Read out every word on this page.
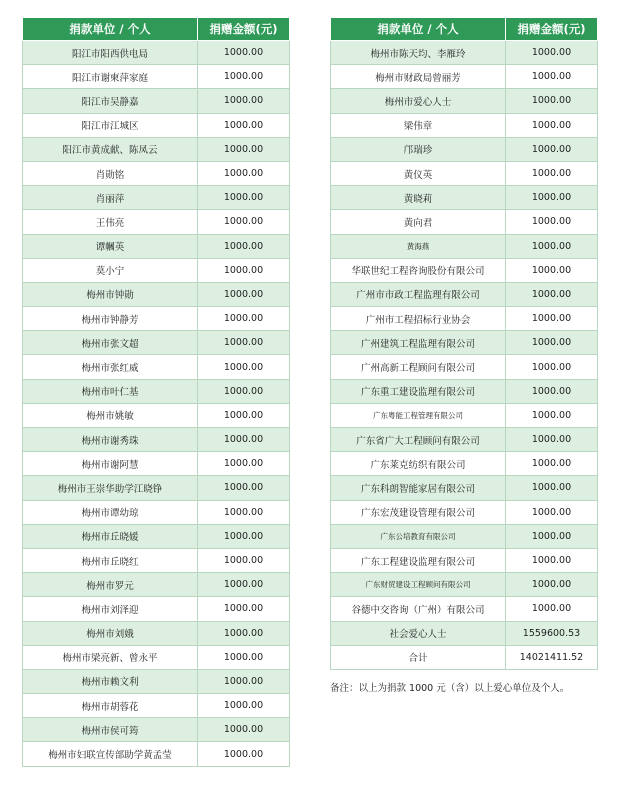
捐款单位 / 个人	捐赠金额(元)
阳江市阳西供电局	1000.00
阳江市谢柬萍家庭	1000.00
阳江市吴静嘉	1000.00
阳江市江城区	1000.00
阳江市黄成献、陈凤云	1000.00
肖勋铭	1000.00
肖丽萍	1000.00
王伟亮	1000.00
谭幗英	1000.00
莫小宁	1000.00
梅州市钟勋	1000.00
梅州市钟静芳	1000.00
梅州市张文超	1000.00
梅州市张红威	1000.00
梅州市叶仁基	1000.00
梅州市姚敏	1000.00
梅州市谢秀珠	1000.00
梅州市谢阿慧	1000.00
梅州市王崇华助学江晓铮	1000.00
梅州市谭幼琼	1000.00
梅州市丘晓媛	1000.00
梅州市丘晓红	1000.00
梅州市罗元	1000.00
梅州市刘泽迎	1000.00
梅州市刘娥	1000.00
梅州市梁亮新、曾永平	1000.00
梅州市赖文利	1000.00
梅州市胡蓉花	1000.00
梅州市侯可筠	1000.00
梅州市妇联宣传部助学黄孟莹	1000.00
捐款单位 / 个人	捐赠金额(元)
梅州市陈天均、李雁玲	1000.00
梅州市财政局曾丽芳	1000.00
梅州市爱心人士	1000.00
梁伟章	1000.00
邝瑞珍	1000.00
黄仪英	1000.00
黄晓莉	1000.00
黄向君	1000.00
黄海燕	1000.00
华联世纪工程咨询股份有限公司	1000.00
广州市市政工程监理有限公司	1000.00
广州市工程招标行业协会	1000.00
广州建筑工程监理有限公司	1000.00
广州高新工程顾问有限公司	1000.00
广东重工建设监理有限公司	1000.00
广东粤能工程管理有限公司	1000.00
广东省广大工程顾问有限公司	1000.00
广东莱克纺织有限公司	1000.00
广东科朗智能家居有限公司	1000.00
广东宏茂建设管理有限公司	1000.00
广东公培教育有限公司	1000.00
广东工程建设监理有限公司	1000.00
广东财贸建设工程顾问有限公司	1000.00
谷德中交咨询（广州）有限公司	1000.00
社会爱心人士	1559600.53
合计	14021411.52
备注：以上为捐款 1000 元（含）以上爱心单位及个人。
